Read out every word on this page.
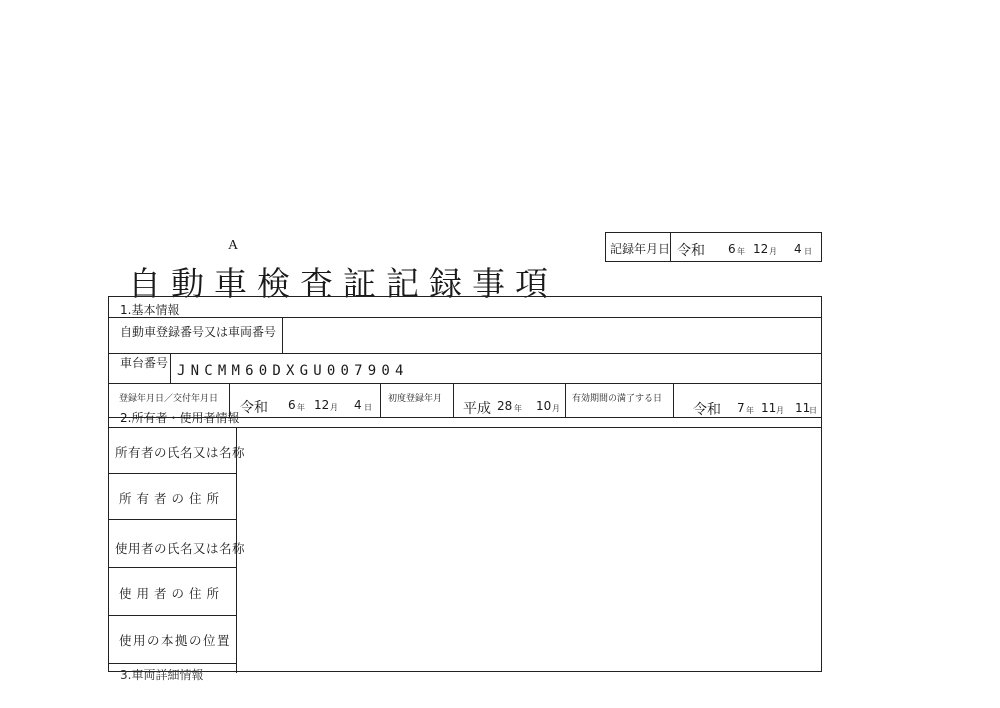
A
自動車検査証記録事項
記録年月日 令和 6 年 12 月 4 日
1.基本情報
自動車登録番号又は車両番号
車台番号 JNCMM60DXGU007904
登録年月日／交付年月日
令和 6 年 12 月 4 日
初度登録年月
平成 28 年 10 月
有効期間の満了する日
令和 7 年 11 月 11
日
2.所有者・使用者情報
所有者の氏名又は名称
所有者の住所
使用者の氏名又は名称
使用者の住所
使用の本拠の位置
3.車両詳細情報
